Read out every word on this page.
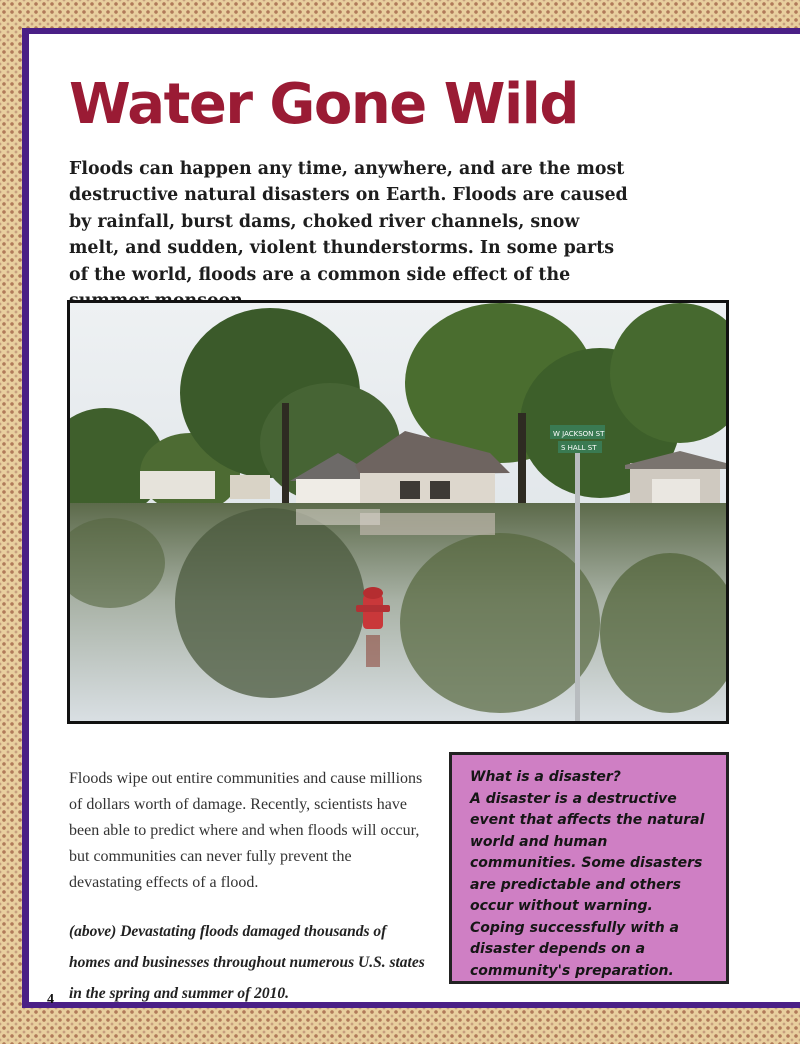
Water Gone Wild

Floods can happen any time, anywhere, and are the most destructive natural disasters on Earth. Floods are caused by rainfall, burst dams, choked river channels, snow melt, and sudden, violent thunderstorms. In some parts of the world, floods are a common side effect of the

W JACKSON ST
S HALL ST

Floods wipe out entire communities and cause millions of dollars worth of damage. Recently, scientists have been able to predict where and when floods will occur, but communities can never fully prevent the devastating effects of a flood.

(above) Devastating floods damaged thousands of homes and businesses throughout numerous U.S. states in the spring and summer of 2010.

4

What is a disaster?

A disaster is a destructive event that affects the natural world and human communities. Some disasters are predictable and others occur without warning. Coping successfully with a disaster depends on a community's preparation.
